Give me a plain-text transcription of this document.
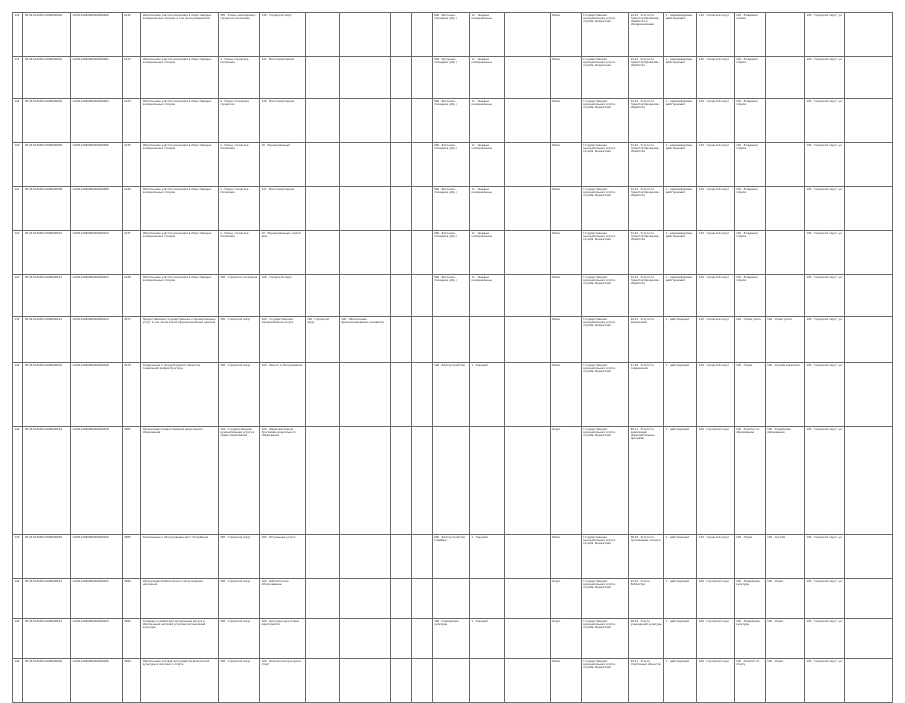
114	50:26:0140301:0000000000	1203114000000000000000	2132	Обеспечение участия населения в сборе твердых коммунальных отходов, в том числе раздельном	305 · Улица, нахождение: городское поселение	136 · Городской округ					600 · Бетонное, площадка (убр.)	11 · твердые коммунальные		Район	Государственная муниципальная услуга, служба, бюджетная	01.01 · Услуги по транспортированию, обработке и обезвреживанию	1 · зарезервирован, действующий	120 · городской округ	100 · В ведении отдела		100 · Городской округ, ул.	

115	50:26:0140301:0000000002	1203114000000000000002	2133	Обеспечение участия населения в сборе твердых коммунальных отходов	2 · Улица, городское поселение	147 · Многоквартирный					600 · Мусорные площадки (убр.)	11 · твердые коммунальные		Район	Государственная муниципальная услуга, служба, бюджетная	01.01 · Услуги по транспортированию, обработке	1 · зарезервирован, действующий	120 · городской округ	100 · В ведении отдела		100 · Городской округ, ул.	

116	50:26:0140301:0000000004	1203114000000000000004	2134	Обеспечение участия населения в сборе твердых коммунальных отходов	6 · Улица, поселение городское	135 · Многоквартирный					600 · Бетонное, площадка (убр.)	11 · твердые коммунальные		Район	Государственная муниципальная услуга, служба, бюджетная	01.01 · Услуги по транспортированию, обработке	1 · зарезервирован, действующий	120 · городской округ	100 · В ведении отдела		100 · Городской округ, ул.	

120	50:26:0140301:0000000006	1203114000000000000006	2135	Обеспечение участия населения в сборе твердых коммунальных отходов	2 · Улица, городское поселение	10 · Муниципальный					600 · Бетонное, площадка (убр.)	11 · твердые коммунальные		Район	Государственная муниципальная услуга, служба, бюджетная	01.01 · Услуги по транспортированию, обработке	1 · зарезервирован, действующий	120 · городской округ	100 · В ведении отдела		100 · Городской округ, ул.	

121	50:26:0140301:0000000008	1203114000000000000008	2136	Обеспечение участия населения в сборе твердых коммунальных отходов	2 · Улица, городское поселение	147 · Многоквартирный					600 · Бетонное, площадка (убр.)	11 · твердые коммунальные		Район	Государственная муниципальная услуга, служба, бюджетная	01.01 · Услуги по транспортированию, обработке	1 · зарезервирован, действующий	120 · городской округ	100 · В ведении отдела		100 · Городской округ, ул.	

122	50:26:0140301:0000000010	1203114000000000000010	2137	Обеспечение участия населения в сборе твердых коммунальных отходов	2 · Улица, городское поселение	10 · Муниципальный, жилой дом					600 · Бетонное, площадка (убр.)	11 · твердые коммунальные		Район	Государственная муниципальная услуга, служба, бюджетная	01.01 · Услуги по транспортированию, обработке	1 · зарезервирован, действующий	120 · городской округ	100 · В ведении отдела		100 · Городской округ, ул.	

123	50:26:0140301:0000000012	1203114000000000000012	2138	Обеспечение участия населения в сборе твердых коммунальных отходов	305 · Городское поселение	106 · Городской округ					600 · Бетонное, площадка (убр.)	11 · твердые коммунальные		Район	Государственная муниципальная услуга, служба, бюджетная	01.01 · Услуги по транспортированию, обработке	1 · зарезервирован, действующий	120 · городской округ	100 · В ведении отдела		100 · Городской округ, ул.	

132	50:26:0140301:0000000014	1203114000000000000014	4577	Предоставление государственных и муниципальных услуг, в том числе в многофункциональных центрах	305 · Городской округ	100 · Государственная, муниципальная услуга	100 · Городской округ	100 · Обеспечение функционирования и развития						Район	Государственная муниципальная услуга, служба, бюджетная	49.01 · Услуги по реализации	1 · действующий	120 · городской округ	100 · Отдел учета	100 · Отдел учета	100 · Городской округ, ул.	

134	50:26:0140301:0000000016	1203114000000000000016	4579	Содержание и текущий ремонт объектов социальной инфраструктуры	305 · Городской округ	100 · Ремонт и обслуживание					100 · Благоустройство	1 · Текущий		Район	Государственная муниципальная услуга, служба, бюджетная	41.20 · Услуги по содержанию	1 · действующий	120 · городской округ	100 · Отдел	100 · Служба заказчика	100 · Городской округ, ул.	

142	50:26:0140301:0000000018	1203114000000000000018	4582	Организация предоставления дошкольного образования	104 · Государственная, муниципальная услуга в сфере образования	104 · Образовательная программа дошкольного образования								Округ	Государственная муниципальная услуга, служба, бюджетная	85.11 · Услуги по реализации образовательных программ	1 · действующий	100 · Городской округ	100 · Комитет по образованию	100 · Управление образования	100 · Городской округ, ул.	

143	50:26:0140301:0000000020	1203114000000000000020	4585	Захоронение и обслуживание мест погребения	305 · Городской округ	100 · Ритуальные услуги					600 · Благоустройство кладбищ	1 · Текущий		Район	Государственная муниципальная услуга, служба, бюджетная	96.03 · Услуги по организации похорон	1 · действующий	120 · городской округ	100 · Отдел	100 · Служба	100 · Городской округ, ул.	

144	50:26:0140301:0000000022	1203114000000000000022	4590	Организация библиотечного обслуживания населения	305 · Городской округ	100 · Библиотечное обслуживание								Округ	Государственная муниципальная услуга, служба, бюджетная	91.01 · Услуги библиотек	1 · действующий	100 · Городской округ	100 · Управление культуры	100 · Отдел	100 · Городской округ, ул.	

145	50:26:0140301:0000000024	1203114000000000000024	4592	Создание условий для организации досуга и обеспечения жителей услугами организаций культуры	305 · Городской округ	100 · Культурно-досуговые мероприятия					100 · Учреждение культуры	1 · Текущий		Округ	Государственная муниципальная услуга, служба, бюджетная	90.04 · Услуги учреждений культуры	1 · действующий	100 · Городской округ	100 · Управление культуры	100 · Отдел	100 · Городской округ, ул.	

146	50:26:0140301:0000000026	1203114000000000000026	4594	Обеспечение условий для развития физической культуры и массового спорта	305 · Городской округ	100 · Физическая культура и спорт								Район	Государственная муниципальная услуга, служба, бюджетная	93.11 · Услуги спортивных объектов	1 · действующий	100 · Городской округ	100 · Комитет по спорту	100 · Отдел	100 · Городской округ, ул.	
